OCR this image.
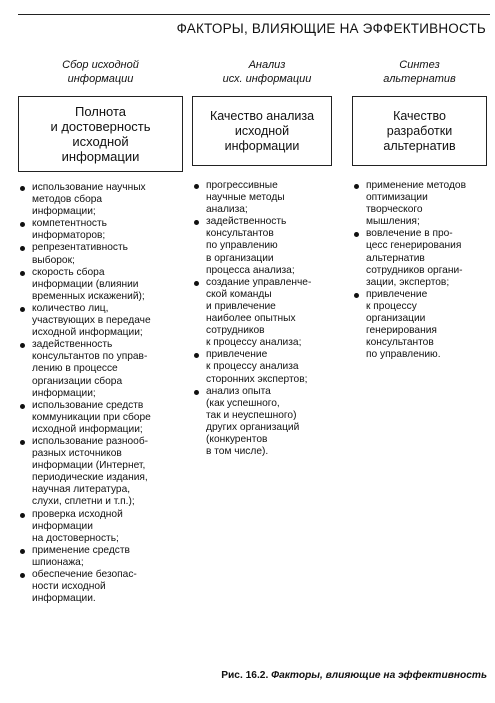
ФАКТОРЫ, ВЛИЯЮЩИЕ НА ЭФФЕКТИВНОСТЬ
Сбор исходной
информации
Полнота
и достоверность
исходной
информации
использование научных
методов сбора
информации;
компетентность
информаторов;
репрезентативность
выборок;
скорость сбора
информации (влиянии
временных искажений);
количество лиц,
участвующих в передаче
исходной информации;
задейственность
консультантов по управ-
лению в процессе
организации сбора
информации;
использование средств
коммуникации при сборе
исходной информации;
использование разнооб-
разных источников
информации (Интернет,
периодические издания,
научная литература,
слухи, сплетни и т.п.);
проверка исходной
информации
на достоверность;
применение средств
шпионажа;
обеспечение безопас-
ности исходной
информации.
Анализ
исх. информации
Качество анализа
исходной
информации
прогрессивные
научные методы
анализа;
задейственность
консультантов
по управлению
в организации
процесса анализа;
создание управленче-
ской команды
и привлечение
наиболее опытных
сотрудников
к процессу анализа;
привлечение
к процессу анализа
сторонних экспертов;
анализ опыта
(как успешного,
так и неуспешного)
других организаций
(конкурентов
в том числе).
Синтез
альтернатив
Качество
разработки
альтернатив
применение методов
оптимизации
творческого
мышления;
вовлечение в про-
цесс генерирования
альтернатив
сотрудников органи-
зации, экспертов;
привлечение
к процессу
организации
генерирования
консультантов
по управлению.
Рис. 16.2. Факторы, влияющие на эффективность
